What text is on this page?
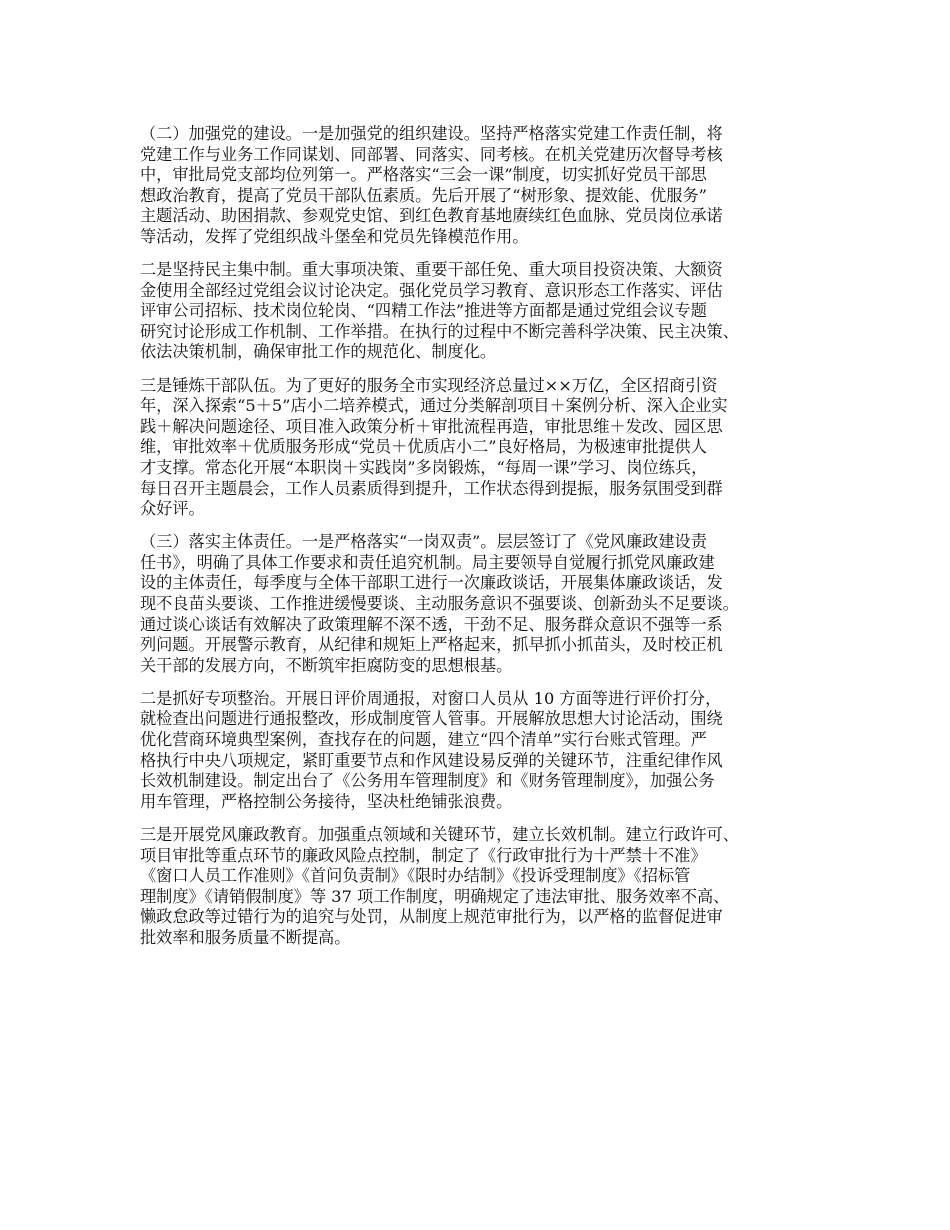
（二）加强党的建设。一是加强党的组织建设。坚持严格落实党建工作责任制，将
党建工作与业务工作同谋划、同部署、同落实、同考核。在机关党建历次督导考核
中，审批局党支部均位列第一。严格落实“三会一课”制度，切实抓好党员干部思
想政治教育，提高了党员干部队伍素质。先后开展了“树形象、提效能、优服务”
主题活动、助困捐款、参观党史馆、到红色教育基地赓续红色血脉、党员岗位承诺
等活动，发挥了党组织战斗堡垒和党员先锋模范作用。

二是坚持民主集中制。重大事项决策、重要干部任免、重大项目投资决策、大额资
金使用全部经过党组会议讨论决定。强化党员学习教育、意识形态工作落实、评估
评审公司招标、技术岗位轮岗、“四精工作法”推进等方面都是通过党组会议专题
研究讨论形成工作机制、工作举措。在执行的过程中不断完善科学决策、民主决策、
依法决策机制，确保审批工作的规范化、制度化。

三是锤炼干部队伍。为了更好的服务全市实现经济总量过××万亿，全区招商引资
年，深入探索“5＋5”店小二培养模式，通过分类解剖项目＋案例分析、深入企业实
践＋解决问题途径、项目准入政策分析＋审批流程再造，审批思维＋发改、园区思
维，审批效率＋优质服务形成“党员＋优质店小二”良好格局，为极速审批提供人
才支撑。常态化开展“本职岗＋实践岗”多岗锻炼，“每周一课”学习、岗位练兵，
每日召开主题晨会，工作人员素质得到提升，工作状态得到提振，服务氛围受到群
众好评。

（三）落实主体责任。一是严格落实“一岗双责”。层层签订了《党风廉政建设责
任书》，明确了具体工作要求和责任追究机制。局主要领导自觉履行抓党风廉政建
设的主体责任，每季度与全体干部职工进行一次廉政谈话，开展集体廉政谈话，发
现不良苗头要谈、工作推进缓慢要谈、主动服务意识不强要谈、创新劲头不足要谈。
通过谈心谈话有效解决了政策理解不深不透，干劲不足、服务群众意识不强等一系
列问题。开展警示教育，从纪律和规矩上严格起来，抓早抓小抓苗头，及时校正机
关干部的发展方向，不断筑牢拒腐防变的思想根基。

二是抓好专项整治。开展日评价周通报，对窗口人员从 10 方面等进行评价打分，
就检查出问题进行通报整改，形成制度管人管事。开展解放思想大讨论活动，围绕
优化营商环境典型案例，查找存在的问题，建立“四个清单”实行台账式管理。严
格执行中央八项规定，紧盯重要节点和作风建设易反弹的关键环节，注重纪律作风
长效机制建设。制定出台了《公务用车管理制度》和《财务管理制度》，加强公务
用车管理，严格控制公务接待，坚决杜绝铺张浪费。

三是开展党风廉政教育。加强重点领域和关键环节，建立长效机制。建立行政许可、
项目审批等重点环节的廉政风险点控制，制定了《行政审批行为十严禁十不准》
《窗口人员工作准则》《首问负责制》《限时办结制》《投诉受理制度》《招标管
理制度》《请销假制度》等 37 项工作制度，明确规定了违法审批、服务效率不高、
懒政怠政等过错行为的追究与处罚，从制度上规范审批行为，以严格的监督促进审
批效率和服务质量不断提高。
